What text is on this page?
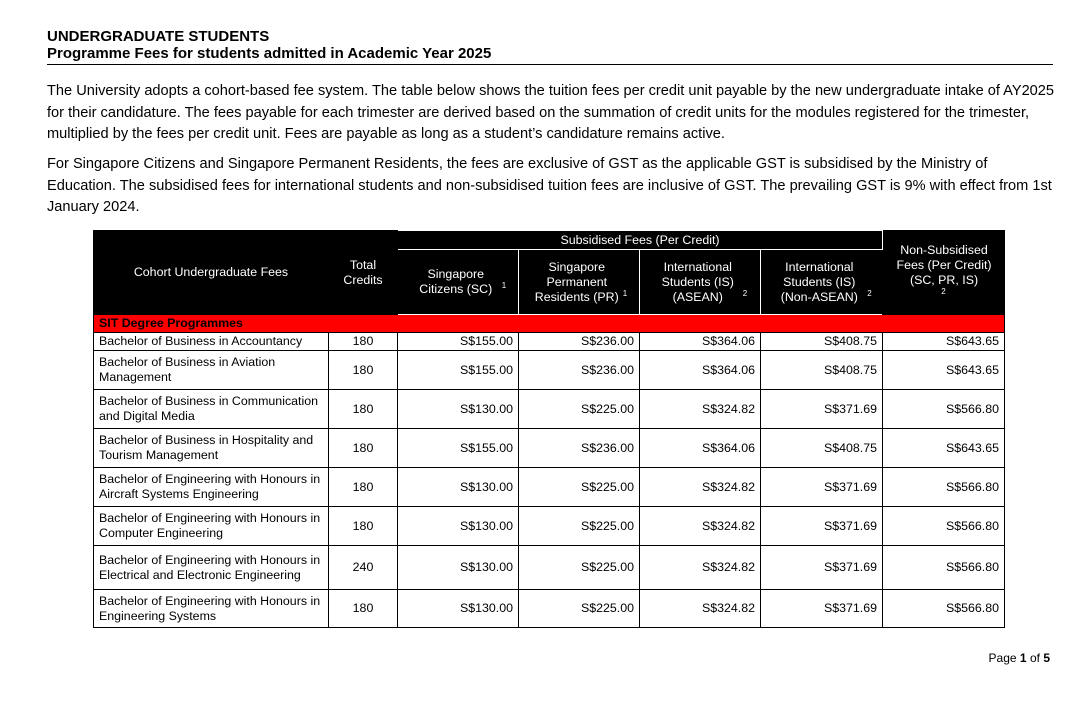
UNDERGRADUATE STUDENTS
Programme Fees for students admitted in Academic Year 2025

The University adopts a cohort-based fee system. The table below shows the tuition fees per credit unit payable by the new undergraduate intake of AY2025 for their candidature. The fees payable for each trimester are derived based on the summation of credit units for the modules registered for the trimester, multiplied by the fees per credit unit. Fees are payable as long as a student’s candidature remains active.

For Singapore Citizens and Singapore Permanent Residents, the fees are exclusive of GST as the applicable GST is subsidised by the Ministry of Education. The subsidised fees for international students and non-subsidised tuition fees are inclusive of GST. The prevailing GST is 9% with effect from 1st January 2024.

Cohort Undergraduate Fees	Total Credits	Subsidised Fees (Per Credit)				Non-Subsidised Fees (Per Credit) (SC, PR, IS) $^2$
		Singapore Citizens (SC) $^1$	Singapore Permanent Residents (PR) $^1$	International Students (IS) (ASEAN) $^2$	International Students (IS) (Non-ASEAN) $^2$
SIT Degree Programmes						
Bachelor of Business in Accountancy	180	S$155.00	S$236.00	S$364.06	S$408.75	S$643.65
Bachelor of Business in Aviation Management	180	S$155.00	S$236.00	S$364.06	S$408.75	S$643.65
Bachelor of Business in Communication and Digital Media	180	S$130.00	S$225.00	S$324.82	S$371.69	S$566.80
Bachelor of Business in Hospitality and Tourism Management	180	S$155.00	S$236.00	S$364.06	S$408.75	S$643.65
Bachelor of Engineering with Honours in Aircraft Systems Engineering	180	S$130.00	S$225.00	S$324.82	S$371.69	S$566.80
Bachelor of Engineering with Honours in Computer Engineering	180	S$130.00	S$225.00	S$324.82	S$371.69	S$566.80
Bachelor of Engineering with Honours in Electrical and Electronic Engineering	240	S$130.00	S$225.00	S$324.82	S$371.69	S$566.80
Bachelor of Engineering with Honours in Engineering Systems	180	S$130.00	S$225.00	S$324.82	S$371.69	S$566.80
Page 1 of 5
